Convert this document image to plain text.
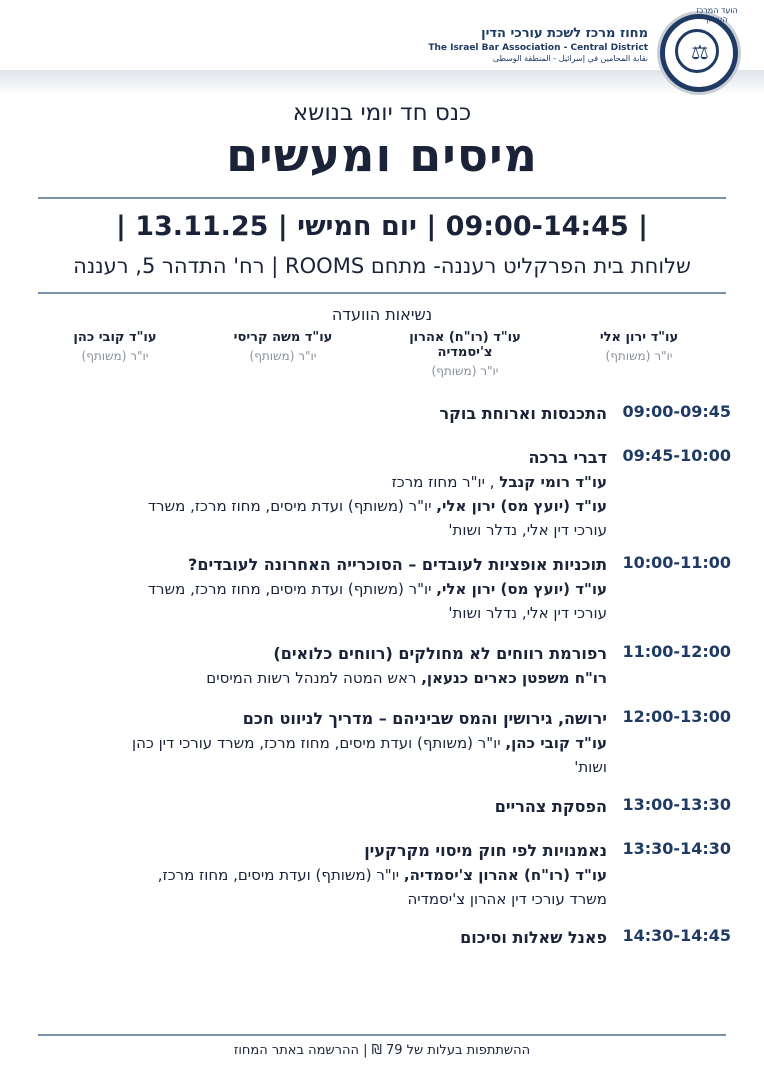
⚖
הועד המרכז העליון
מחוז מרכז לשכת עורכי הדין
The Israel Bar Association - Central District
نقابة المحامين في إسرائيل - المنطقة الوسطى
כנס חד יומי בנושא
מיסים ומעשים
| 09:00-14:45 | יום חמישי | 13.11.25 |
שלוחת בית הפרקליט רעננה- מתחם ROOMS | רח' התדהר 5, רעננה
נשיאות הוועדה
עו"ד ירון אלי
יו"ר (משותף)
עו"ד (רו"ח) אהרון צ'יסמדיה
יו"ר (משותף)
עו"ד משה קריסי
יו"ר (משותף)
עו"ד קובי כהן
יו"ר (משותף)
09:00-09:45
התכנסות וארוחת בוקר
09:45-10:00
דברי ברכה
עו"ד רומי קנבל , יו"ר מחוז מרכז
עו"ד (יועץ מס) ירון אלי, יו"ר (משותף) ועדת מיסים, מחוז מרכז, משרד
עורכי דין אלי, נדלר ושות'
10:00-11:00
תוכניות אופציות לעובדים – הסוכרייה האחרונה לעובדים?
עו"ד (יועץ מס) ירון אלי, יו"ר (משותף) ועדת מיסים, מחוז מרכז, משרד
עורכי דין אלי, נדלר ושות'
11:00-12:00
רפורמת רווחים לא מחולקים (רווחים כלואים)
רו"ח משפטן כארים כנעאן, ראש המטה למנהל רשות המיסים
12:00-13:00
ירושה, גירושין והמס שביניהם – מדריך לניווט חכם
עו"ד קובי כהן, יו"ר (משותף) ועדת מיסים, מחוז מרכז, משרד עורכי דין כהן
ושות'
13:00-13:30
הפסקת צהריים
13:30-14:30
נאמנויות לפי חוק מיסוי מקרקעין
עו"ד (רו"ח) אהרון צ'יסמדיה, יו"ר (משותף) ועדת מיסים, מחוז מרכז,
משרד עורכי דין אהרון צ'יסמדיה
14:30-14:45
פאנל שאלות וסיכום
ההשתתפות בעלות של 79 ₪ | ההרשמה באתר המחוז
